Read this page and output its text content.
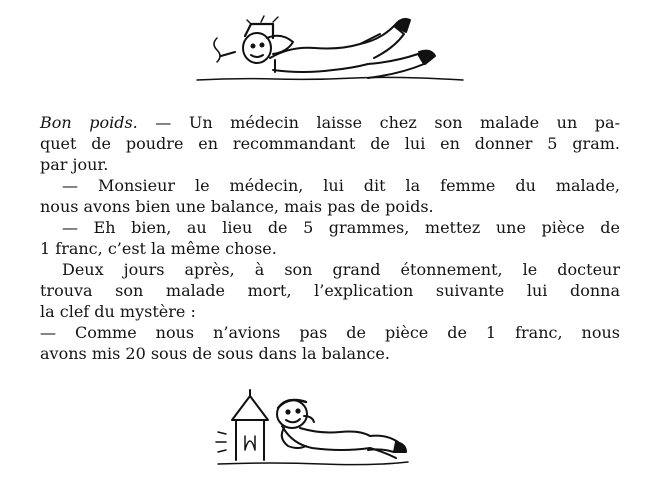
Bon poids. — Un médecin laisse chez son malade un pa-
quet de poudre en recommandant de lui en donner 5 gram.
par jour.
— Monsieur le médecin, lui dit la femme du malade,
nous avons bien une balance, mais pas de poids.
— Eh bien, au lieu de 5 grammes, mettez une pièce de
1 franc, c’est la même chose.
Deux jours après, à son grand étonnement, le docteur
trouva son malade mort, l’explication suivante lui donna
la clef du mystère :
— Comme nous n’avions pas de pièce de 1 franc, nous
avons mis 20 sous de sous dans la balance.
